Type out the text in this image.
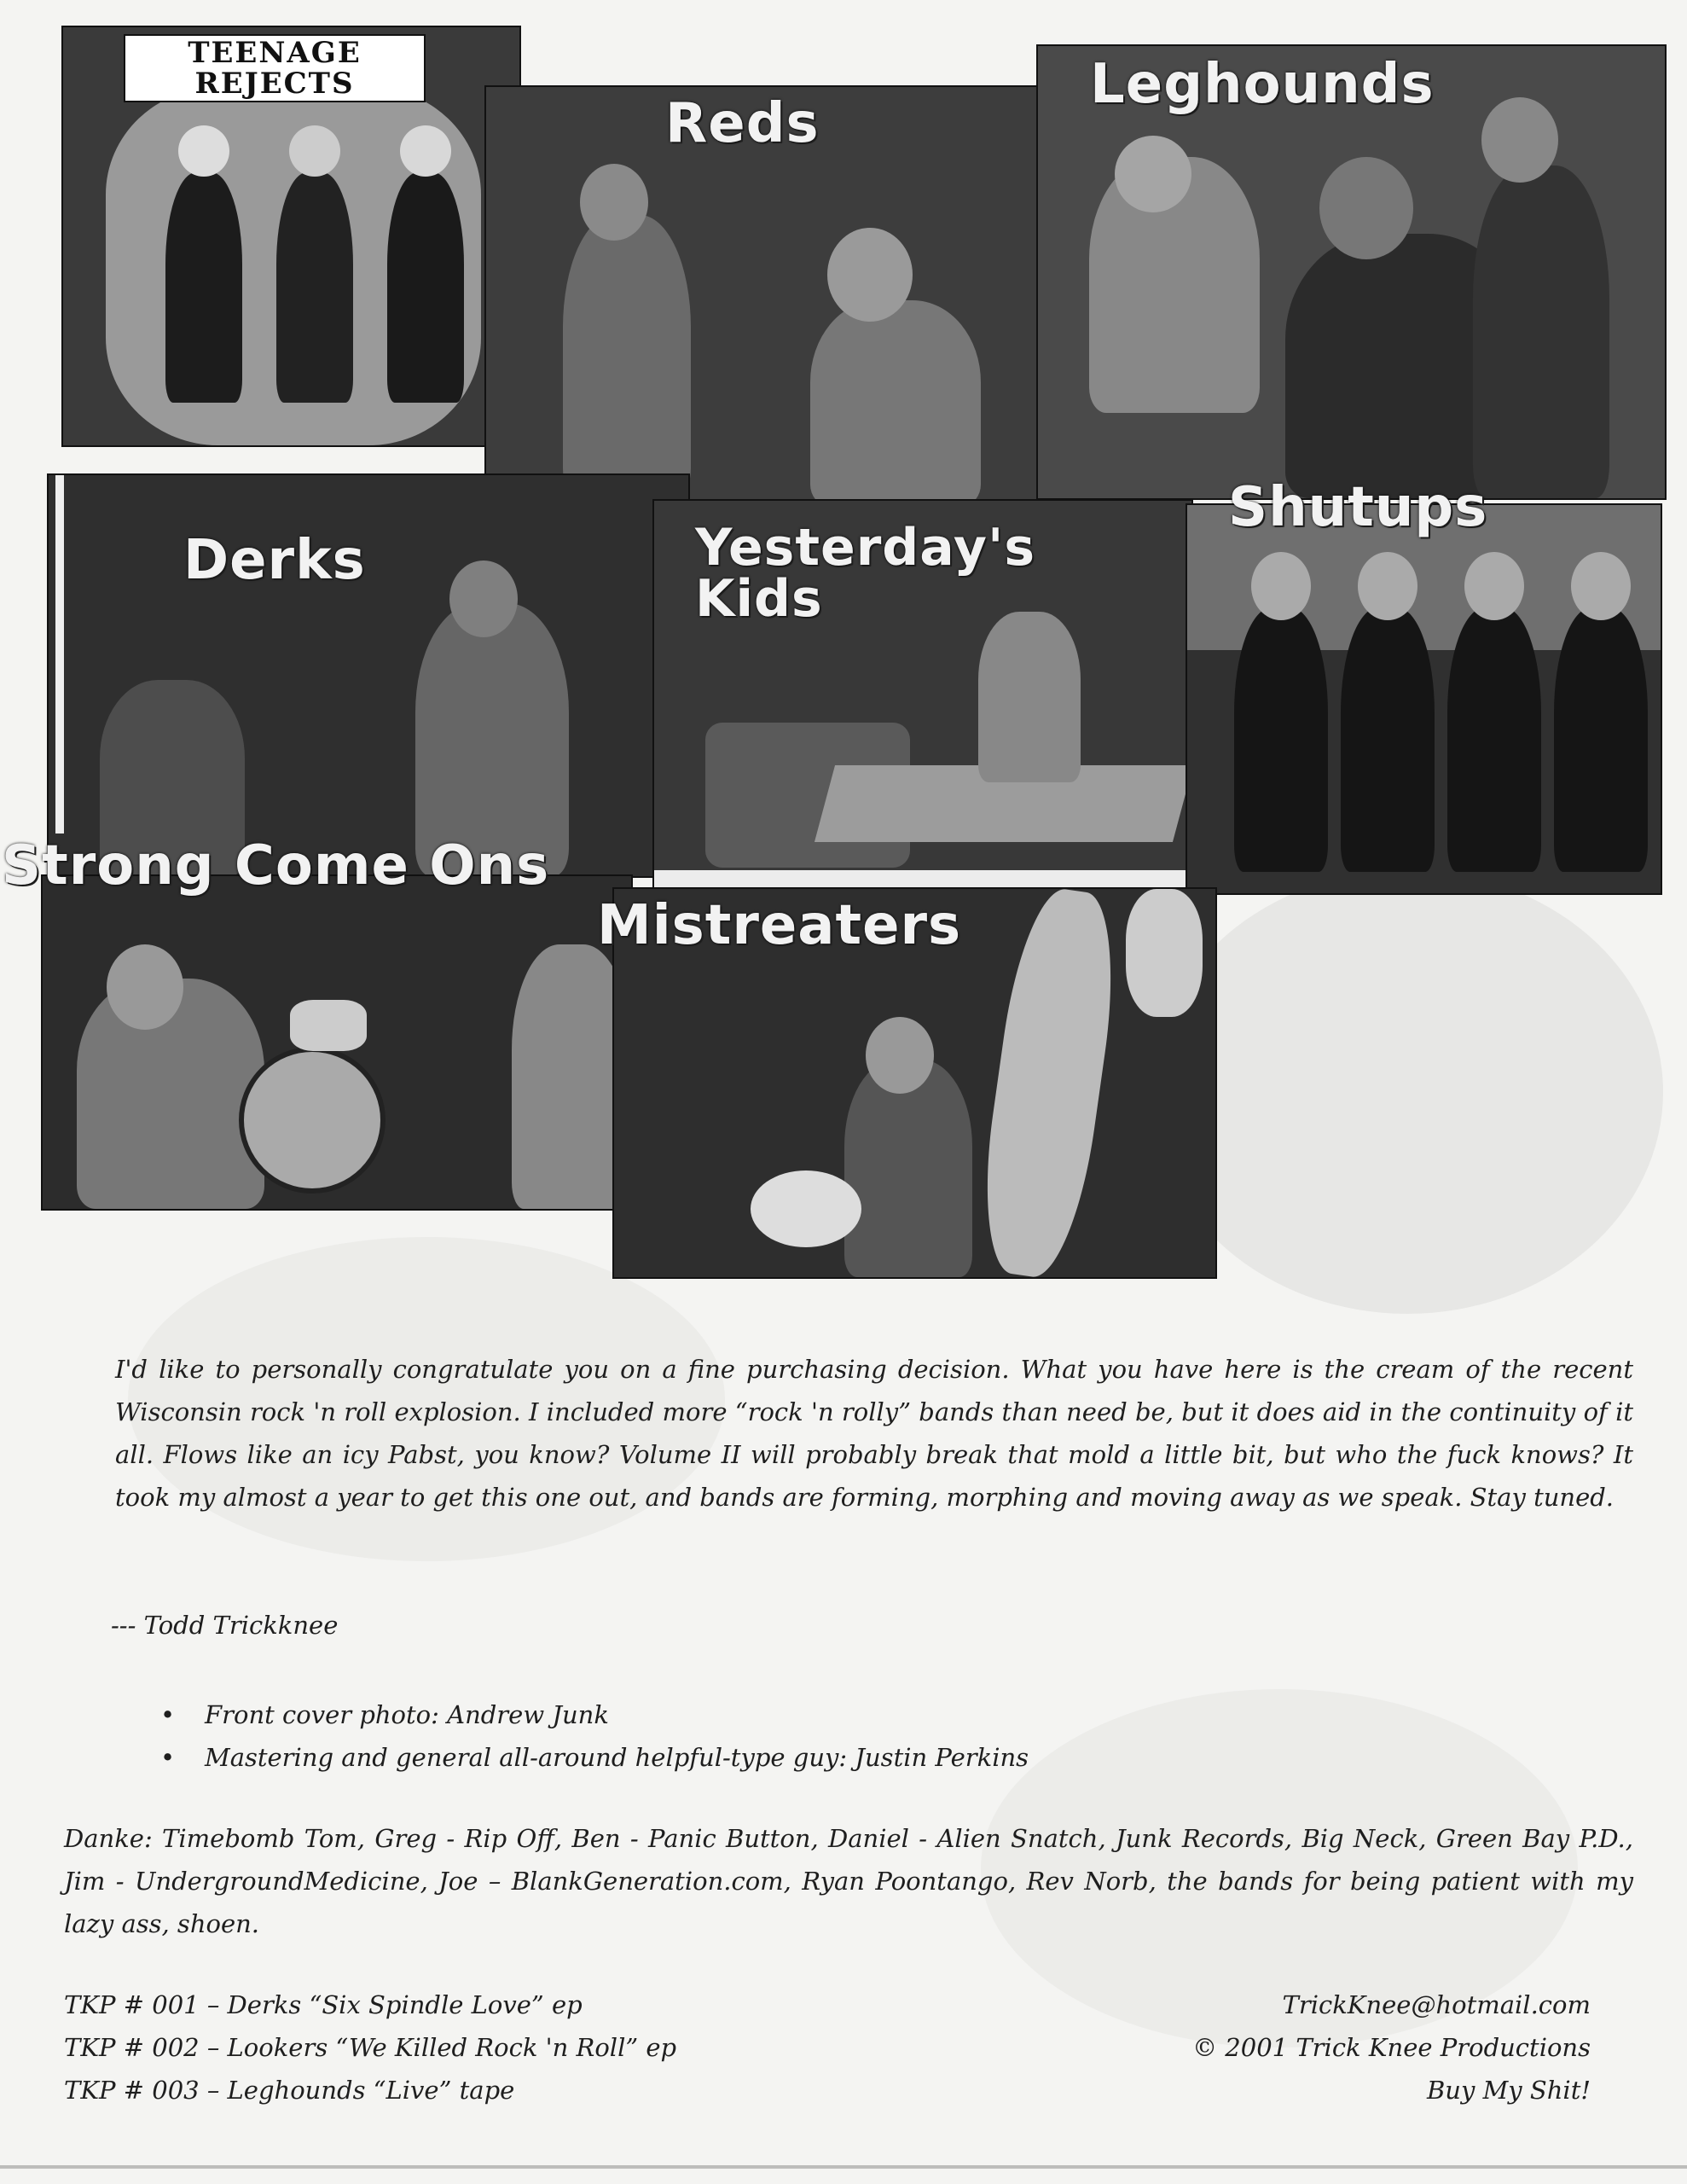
TEENAGE REJECTS
Reds
Leghounds
Derks	Yesterday's Kids
Shutups
Strong Come Ons
Mistreaters

I'd like to personally congratulate you on a fine purchasing decision. What you have here is the cream of the recent Wisconsin rock 'n roll explosion. I included more “rock 'n rolly” bands than need be, but it does aid in the continuity of it all. Flows like an icy Pabst, you know? Volume II will probably break that mold a little bit, but who the fuck knows? It took my almost a year to get this one out, and bands are forming, morphing and moving away as we speak. Stay tuned.

--- Todd Trickknee

• Front cover photo: Andrew Junk
• Mastering and general all-around helpful-type guy: Justin Perkins

Danke: Timebomb Tom, Greg - Rip Off, Ben - Panic Button, Daniel - Alien Snatch, Junk Records, Big Neck, Green Bay P.D., Jim - UndergroundMedicine, Joe – BlankGeneration.com, Ryan Poontango, Rev Norb, the bands for being patient with my lazy ass, shoen.

TKP # 001 – Derks “Six Spindle Love” ep
TKP # 002 – Lookers “We Killed Rock 'n Roll” ep
TKP # 003 – Leghounds “Live” tape
TrickKnee@hotmail.com
© 2001 Trick Knee Productions
Buy My Shit!
